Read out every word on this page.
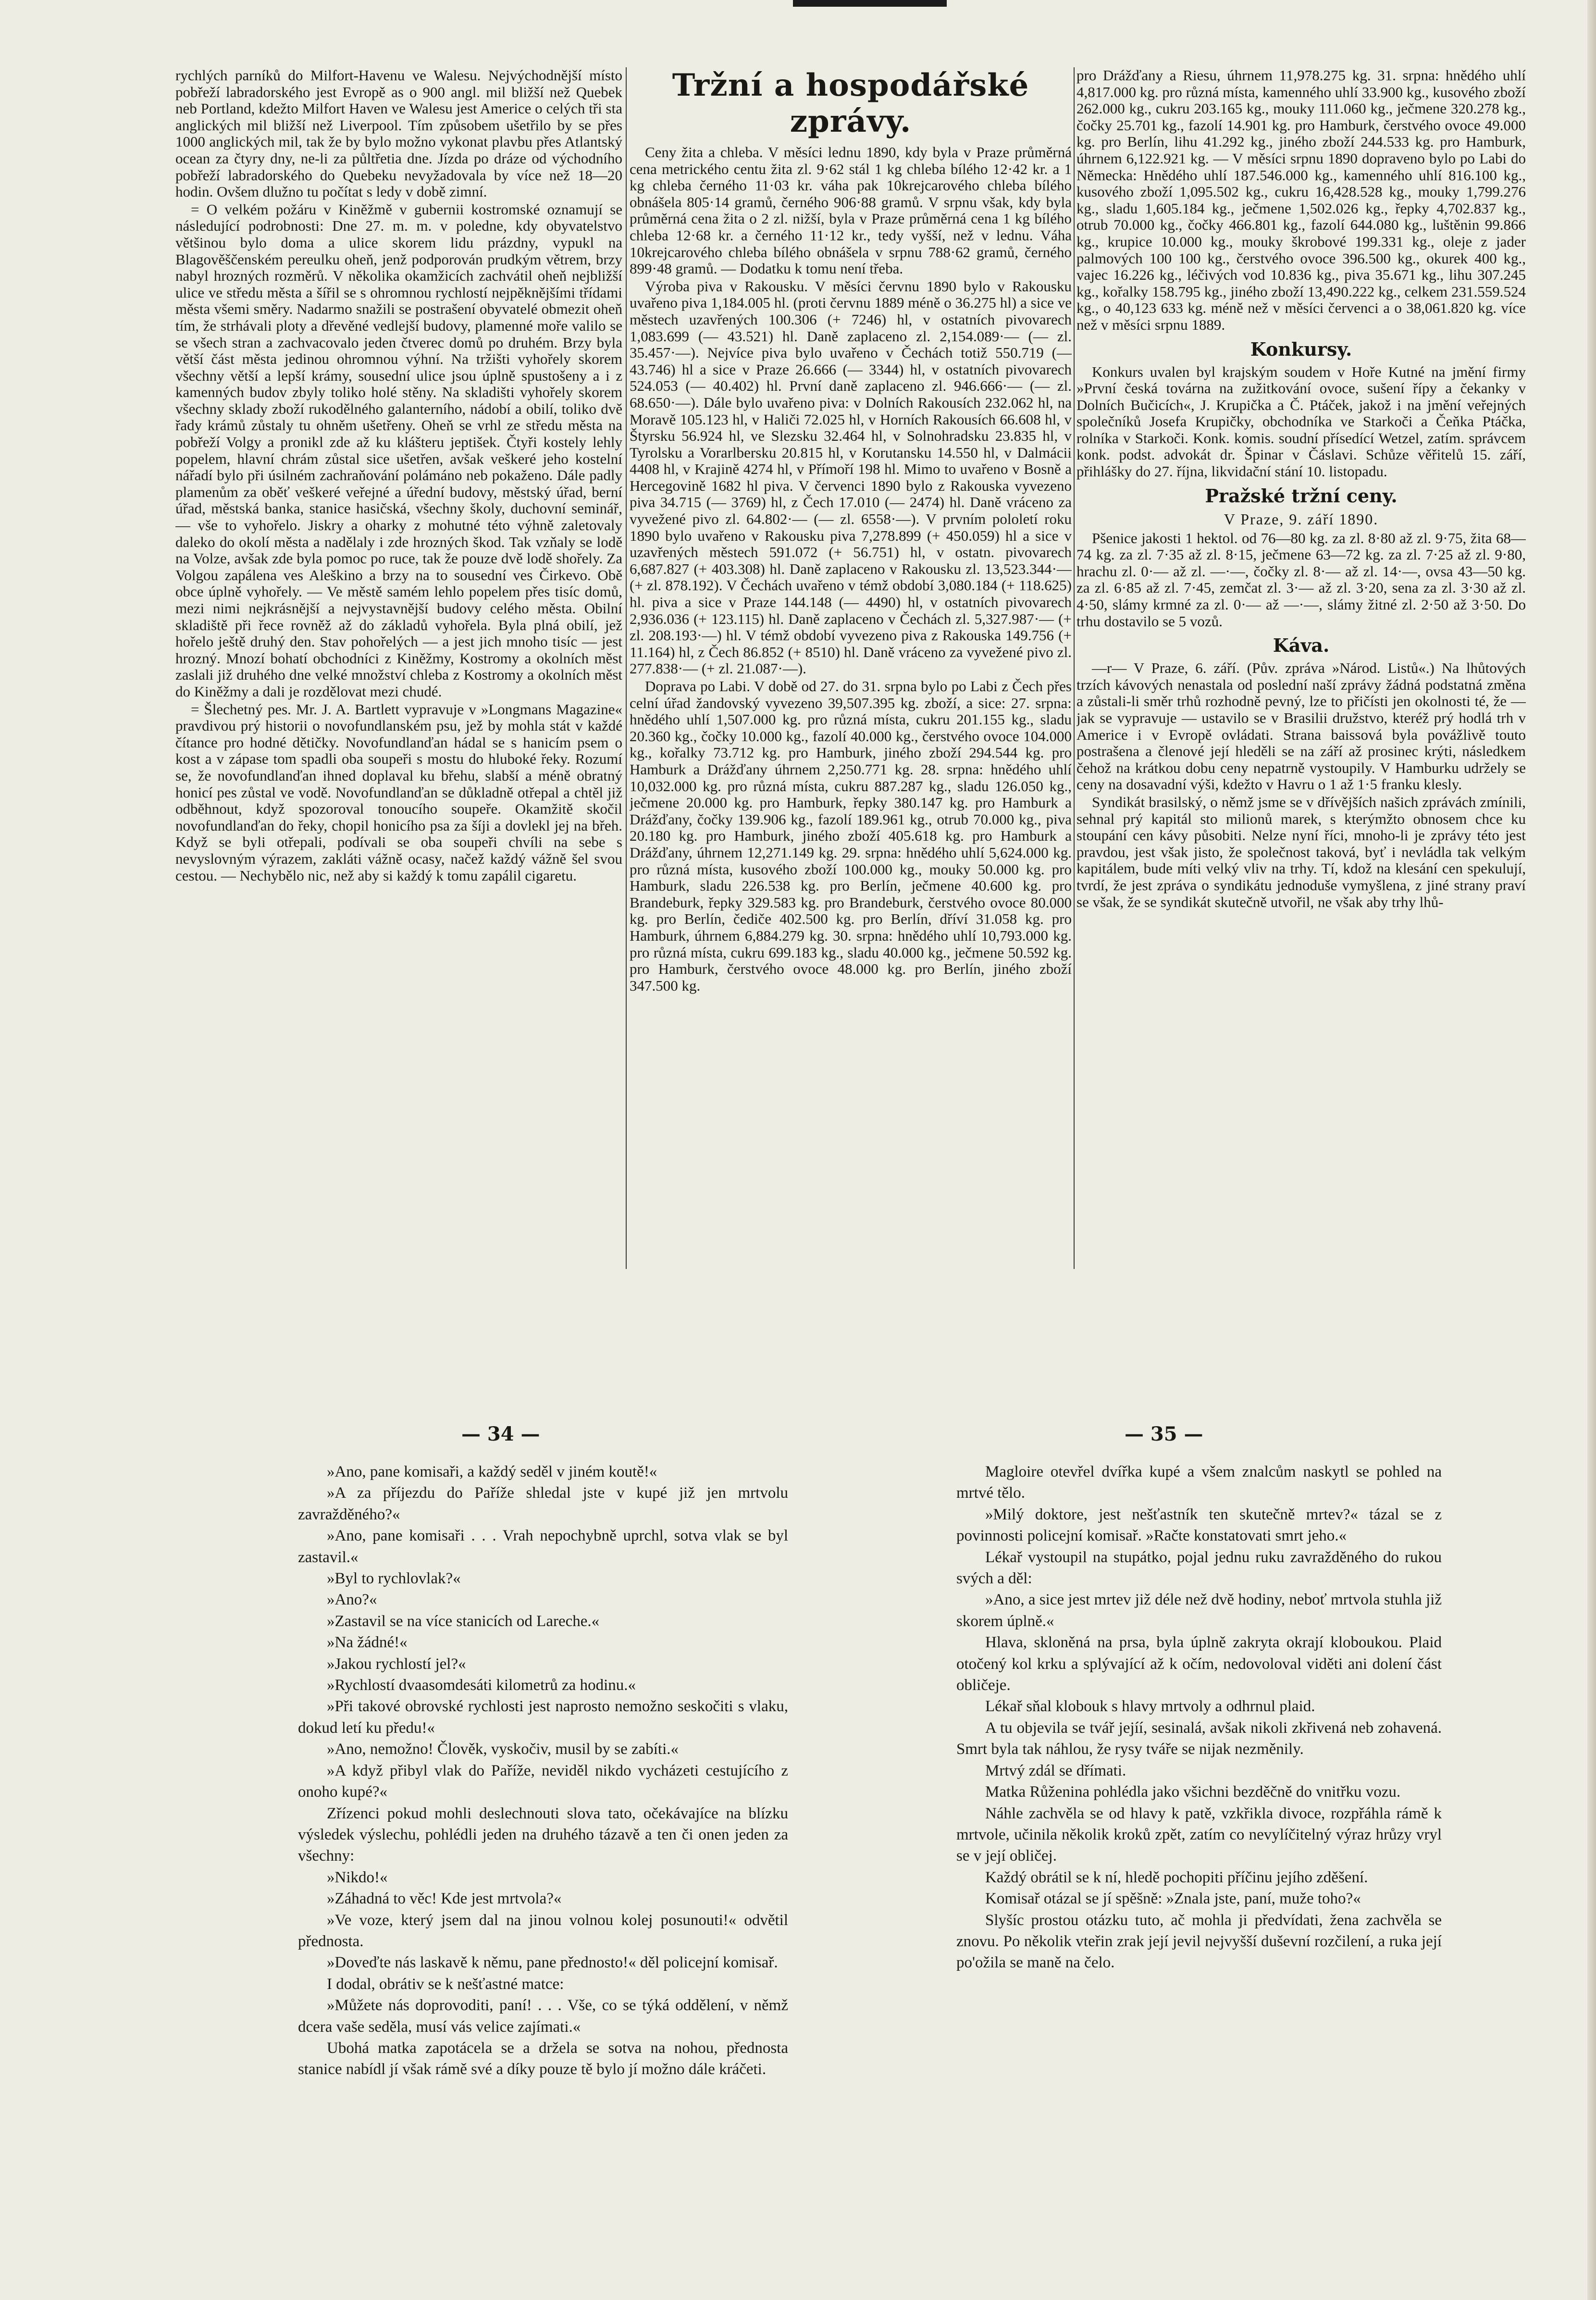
rychlých parníků do Milfort-Havenu ve Walesu. Nejvýchodnější místo pobřeží labradorského jest Evropě as o 900 angl. mil bližší než Quebek neb Portland, kdežto Milfort Haven ve Walesu jest Americe o celých tři sta anglických mil bližší než Liverpool. Tím způsobem ušetřilo by se přes 1000 anglických mil, tak že by bylo možno vykonat plavbu přes Atlantský ocean za čtyry dny, ne-li za půltřetia dne. Jízda po dráze od východního pobřeží labradorského do Quebeku nevyžadovala by více než 18—20 hodin. Ovšem dlužno tu počítat s ledy v době zimní.

= O velkém požáru v Kiněžmě v gubernii kostromské oznamují se následující podrobnosti: Dne 27. m. m. v poledne, kdy obyvatelstvo většinou bylo doma a ulice skorem lidu prázdny, vypukl na Blagověščenském pereulku oheň, jenž podporován prudkým větrem, brzy nabyl hrozných rozměrů. V několika okamžicích zachvátil oheň nejbližší ulice ve středu města a šířil se s ohromnou rychlostí nejpěknějšími třídami města všemi směry. Nadarmo snažili se postrašení obyvatelé obmezit oheň tím, že strhávali ploty a dřevěné vedlejší budovy, plamenné moře valilo se se všech stran a zachvacovalo jeden čtverec domů po druhém. Brzy byla větší část města jedinou ohromnou výhní. Na tržišti vyhořely skorem všechny větší a lepší krámy, sousední ulice jsou úplně spustošeny a i z kamenných budov zbyly toliko holé stěny. Na skladišti vyhořely skorem všechny sklady zboží rukodělného galanterního, nádobí a obilí, toliko dvě řady krámů zůstaly tu ohněm ušetřeny. Oheň se vrhl ze středu města na pobřeží Volgy a pronikl zde až ku klášteru jeptišek. Čtyři kostely lehly popelem, hlavní chrám zůstal sice ušetřen, avšak veškeré jeho kostelní nářadí bylo při úsilném zachraňování polámáno neb pokaženo. Dále padly plamenům za oběť veškeré veřejné a úřední budovy, městský úřad, berní úřad, městská banka, stanice hasičská, všechny školy, duchovní seminář, — vše to vyhořelo. Jiskry a oharky z mohutné této výhně zaletovaly daleko do okolí města a nadělaly i zde hrozných škod. Tak vzňaly se lodě na Volze, avšak zde byla pomoc po ruce, tak že pouze dvě lodě shořely. Za Volgou zapálena ves Aleškino a brzy na to sousední ves Čirkevo. Obě obce úplně vyhořely. — Ve městě samém lehlo popelem přes tisíc domů, mezi nimi nejkrásnější a nejvystavnější budovy celého města. Obilní skladiště při řece rovněž až do základů vyhořela. Byla plná obilí, jež hořelo ještě druhý den. Stav pohořelých — a jest jich mnoho tisíc — jest hrozný. Mnozí bohatí obchodníci z Kiněžmy, Kostromy a okolních měst zaslali již druhého dne velké množství chleba z Kostromy a okolních měst do Kiněžmy a dali je rozdělovat mezi chudé.

= Šlechetný pes. Mr. J. A. Bartlett vypravuje v »Longmans Magazine« pravdivou prý historii o novofundlanském psu, jež by mohla stát v každé čítance pro hodné dětičky. Novofundlanďan hádal se s hanicím psem o kost a v zápase tom spadli oba soupeři s mostu do hluboké řeky. Rozumí se, že novofundlanďan ihned doplaval ku břehu, slabší a méně obratný honicí pes zůstal ve vodě. Novofundlanďan se důkladně otřepal a chtěl již odběhnout, když spozoroval tonoucího soupeře. Okamžitě skočil novofundlanďan do řeky, chopil honicího psa za šíji a dovlekl jej na břeh. Když se byli otřepali, podívali se oba soupeři chvíli na sebe s nevyslovným výrazem, zakláti vážně ocasy, načež každý vážně šel svou cestou. — Nechybělo nic, než aby si každý k tomu zapálil cigaretu.

Tržní a hospodářské zprávy.

Ceny žita a chleba. V měsíci lednu 1890, kdy byla v Praze průměrná cena metrického centu žita zl. 9·62 stál 1 kg chleba bílého 12·42 kr. a 1 kg chleba černého 11·03 kr. váha pak 10krejcarového chleba bílého obnášela 805·14 gramů, černého 906·88 gramů. V srpnu však, kdy byla průměrná cena žita o 2 zl. nižší, byla v Praze průměrná cena 1 kg bílého chleba 12·68 kr. a černého 11·12 kr., tedy vyšší, než v lednu. Váha 10krejcarového chleba bílého obnášela v srpnu 788·62 gramů, černého 899·48 gramů. — Dodatku k tomu není třeba.

Výroba piva v Rakousku. V měsíci červnu 1890 bylo v Rakousku uvařeno piva 1,184.005 hl. (proti červnu 1889 méně o 36.275 hl) a sice ve městech uzavřených 100.306 (+ 7246) hl, v ostatních pivovarech 1,083.699 (— 43.521) hl. Daně zaplaceno zl. 2,154.089·— (— zl. 35.457·—). Nejvíce piva bylo uvařeno v Čechách totiž 550.719 (— 43.746) hl a sice v Praze 26.666 (— 3344) hl, v ostatních pivovarech 524.053 (— 40.402) hl. První daně zaplaceno zl. 946.666·— (— zl. 68.650·—). Dále bylo uvařeno piva: v Dolních Rakousích 232.062 hl, na Moravě 105.123 hl, v Haliči 72.025 hl, v Horních Rakousích 66.608 hl, v Štyrsku 56.924 hl, ve Slezsku 32.464 hl, v Solnohradsku 23.835 hl, v Tyrolsku a Vorarlbersku 20.815 hl, v Korutansku 14.550 hl, v Dalmácii 4408 hl, v Krajině 4274 hl, v Přímoří 198 hl. Mimo to uvařeno v Bosně a Hercegovině 1682 hl piva. V červenci 1890 bylo z Rakouska vyvezeno piva 34.715 (— 3769) hl, z Čech 17.010 (— 2474) hl. Daně vráceno za vyvežené pivo zl. 64.802·— (— zl. 6558·—). V prvním pololetí roku 1890 bylo uvařeno v Rakousku piva 7,278.899 (+ 450.059) hl a sice v uzavřených městech 591.072 (+ 56.751) hl, v ostatn. pivovarech 6,687.827 (+ 403.308) hl. Daně zaplaceno v Rakousku zl. 13,523.344·— (+ zl. 878.192). V Čechách uvařeno v témž období 3,080.184 (+ 118.625) hl. piva a sice v Praze 144.148 (— 4490) hl, v ostatních pivovarech 2,936.036 (+ 123.115) hl. Daně zaplaceno v Čechách zl. 5,327.987·— (+ zl. 208.193·—) hl. V témž období vyvezeno piva z Rakouska 149.756 (+ 11.164) hl, z Čech 86.852 (+ 8510) hl. Daně vráceno za vyvežené pivo zl. 277.838·— (+ zl. 21.087·—).

Doprava po Labi. V době od 27. do 31. srpna bylo po Labi z Čech přes celní úřad žandovský vyvezeno 39,507.395 kg. zboží, a sice: 27. srpna: hnědého uhlí 1,507.000 kg. pro různá místa, cukru 201.155 kg., sladu 20.360 kg., čočky 10.000 kg., fazolí 40.000 kg., čerstvého ovoce 104.000 kg., kořalky 73.712 kg. pro Hamburk, jiného zboží 294.544 kg. pro Hamburk a Drážďany úhrnem 2,250.771 kg. 28. srpna: hnědého uhlí 10,032.000 kg. pro různá místa, cukru 887.287 kg., sladu 126.050 kg., ječmene 20.000 kg. pro Hamburk, řepky 380.147 kg. pro Hamburk a Drážďany, čočky 139.906 kg., fazolí 189.961 kg., otrub 70.000 kg., piva 20.180 kg. pro Hamburk, jiného zboží 405.618 kg. pro Hamburk a Drážďany, úhrnem 12,271.149 kg. 29. srpna: hnědého uhlí 5,624.000 kg. pro různá místa, kusového zboží 100.000 kg., mouky 50.000 kg. pro Hamburk, sladu 226.538 kg. pro Berlín, ječmene 40.600 kg. pro Brandeburk, řepky 329.583 kg. pro Brandeburk, čerstvého ovoce 80.000 kg. pro Berlín, čediče 402.500 kg. pro Berlín, dříví 31.058 kg. pro Hamburk, úhrnem 6,884.279 kg. 30. srpna: hnědého uhlí 10,793.000 kg. pro různá místa, cukru 699.183 kg., sladu 40.000 kg., ječmene 50.592 kg. pro Hamburk, čerstvého ovoce 48.000 kg. pro Berlín, jiného zboží 347.500 kg.

pro Drážďany a Riesu, úhrnem 11,978.275 kg. 31. srpna: hnědého uhlí 4,817.000 kg. pro různá místa, kamenného uhlí 33.900 kg., kusového zboží 262.000 kg., cukru 203.165 kg., mouky 111.060 kg., ječmene 320.278 kg., čočky 25.701 kg., fazolí 14.901 kg. pro Hamburk, čerstvého ovoce 49.000 kg. pro Berlín, lihu 41.292 kg., jiného zboží 244.533 kg. pro Hamburk, úhrnem 6,122.921 kg. — V měsíci srpnu 1890 dopraveno bylo po Labi do Německa: Hnědého uhlí 187.546.000 kg., kamenného uhlí 816.100 kg., kusového zboží 1,095.502 kg., cukru 16,428.528 kg., mouky 1,799.276 kg., sladu 1,605.184 kg., ječmene 1,502.026 kg., řepky 4,702.837 kg., otrub 70.000 kg., čočky 466.801 kg., fazolí 644.080 kg., luštěnin 99.866 kg., krupice 10.000 kg., mouky škrobové 199.331 kg., oleje z jader palmových 100 100 kg., čerstvého ovoce 396.500 kg., okurek 400 kg., vajec 16.226 kg., léčivých vod 10.836 kg., piva 35.671 kg., lihu 307.245 kg., kořalky 158.795 kg., jiného zboží 13,490.222 kg., celkem 231.559.524 kg., o 40,123 633 kg. méně než v měsíci červenci a o 38,061.820 kg. více než v měsíci srpnu 1889.

Konkursy.

Konkurs uvalen byl krajským soudem v Hoře Kutné na jmění firmy »První česká továrna na zužitkování ovoce, sušení řípy a čekanky v Dolních Bučicích«, J. Krupička a Č. Ptáček, jakož i na jmění veřejných společníků Josefa Krupičky, obchodníka ve Starkoči a Čeňka Ptáčka, rolníka v Starkoči. Konk. komis. soudní přísedící Wetzel, zatím. správcem konk. podst. advokát dr. Špinar v Čáslavi. Schůze věřitelů 15. září, přihlášky do 27. října, likvidační stání 10. listopadu.

Pražské tržní ceny.
V Praze, 9. září 1890.

Pšenice jakosti 1 hektol. od 76—80 kg. za zl. 8·80 až zl. 9·75, žita 68—74 kg. za zl. 7·35 až zl. 8·15, ječmene 63—72 kg. za zl. 7·25 až zl. 9·80, hrachu zl. 0·— až zl. —·—, čočky zl. 8·— až zl. 14·—, ovsa 43—50 kg. za zl. 6·85 až zl. 7·45, zemčat zl. 3·— až zl. 3·20, sena za zl. 3·30 až zl. 4·50, slámy krmné za zl. 0·— až —·—, slámy žitné zl. 2·50 až 3·50. Do trhu dostavilo se 5 vozů.

Káva.

—r— V Praze, 6. září. (Pův. zpráva »Národ. Listů«.) Na lhůtových trzích kávových nenastala od poslední naší zprávy žádná podstatná změna a zůstali-li směr trhů rozhodně pevný, lze to přičísti jen okolnosti té, že — jak se vypravuje — ustavilo se v Brasilii družstvo, kteréž prý hodlá trh v Americe i v Evropě ovládati. Strana baissová byla povážlivě touto postrašena a členové její hleděli se na září až prosinec krýti, následkem čehož na krátkou dobu ceny nepatrně vystoupily. V Hamburku udržely se ceny na dosavadní výši, kdežto v Havru o 1 až 1·5 franku klesly.

Syndikát brasilský, o němž jsme se v dřívějších našich zprávách zmínili, sehnal prý kapitál sto milionů marek, s kterýmžto obnosem chce ku stoupání cen kávy působiti. Nelze nyní říci, mnoho-li je zprávy této jest pravdou, jest však jisto, že společnost taková, byť i nevládla tak velkým kapitálem, bude míti velký vliv na trhy. Tí, kdož na klesání cen spekulují, tvrdí, že jest zpráva o syndikátu jednoduše vymyšlena, z jiné strany praví se však, že se syndikát skutečně utvořil, ne však aby trhy lhů-

— 34 —	— 35 —

»Ano, pane komisaři, a každý seděl v jiném koutě!«

»A za příjezdu do Paříže shledal jste v kupé již jen mrtvolu zavražděného?«

»Ano, pane komisaři . . . Vrah nepochybně uprchl, sotva vlak se byl zastavil.«

»Byl to rychlovlak?«

»Ano?«

»Zastavil se na více stanicích od Lareche.«

»Na žádné!«

»Jakou rychlostí jel?«

»Rychlostí dvaasomdesáti kilometrů za hodinu.«

»Při takové obrovské rychlosti jest naprosto nemožno seskočiti s vlaku, dokud letí ku předu!«

»Ano, nemožno! Člověk, vyskočiv, musil by se zabíti.«

»A když přibyl vlak do Paříže, neviděl nikdo vycházeti cestujícího z onoho kupé?«

Zřízenci pokud mohli deslechnouti slova tato, očekávajíce na blízku výsledek výslechu, pohlédli jeden na druhého tázavě a ten či onen jeden za všechny:

»Nikdo!«

»Záhadná to věc! Kde jest mrtvola?«

»Ve voze, který jsem dal na jinou volnou kolej posunouti!« odvětil přednosta.

»Doveďte nás laskavě k němu, pane přednosto!« děl policejní komisař.

I dodal, obrátiv se k nešťastné matce:

»Můžete nás doprovoditi, paní! . . . Vše, co se týká oddělení, v němž dcera vaše seděla, musí vás velice zajímati.«

Ubohá matka zapotácela se a držela se sotva na nohou, přednosta stanice nabídl jí však rámě své a díky pouze tě bylo jí možno dále kráčeti.

Magloire otevřel dvířka kupé a všem znalcům naskytl se pohled na mrtvé tělo.

»Milý doktore, jest nešťastník ten skutečně mrtev?« tázal se z povinnosti policejní komisař. »Račte konstatovati smrt jeho.«

Lékař vystoupil na stupátko, pojal jednu ruku zavražděného do rukou svých a děl:

»Ano, a sice jest mrtev již déle než dvě hodiny, neboť mrtvola stuhla již skorem úplně.«

Hlava, skloněná na prsa, byla úplně zakryta okrají kloboukou. Plaid otočený kol krku a splývající až k očím, nedovoloval viděti ani dolení část obličeje.

Lékař sňal klobouk s hlavy mrtvoly a odhrnul plaid.

A tu objevila se tvář jejíí, sesinalá, avšak nikoli zkřivená neb zohavená. Smrt byla tak náhlou, že rysy tváře se nijak nezměnily.

Mrtvý zdál se dřímati.

Matka Růženina pohlédla jako všichni bezděčně do vnitřku vozu.

Náhle zachvěla se od hlavy k patě, vzkřikla divoce, rozpřáhla rámě k mrtvole, učinila několik kroků zpět, zatím co nevylíčitelný výraz hrůzy vryl se v její obličej.

Každý obrátil se k ní, hledě pochopiti příčinu jejího zděšení.

Komisař otázal se jí spěšně: »Znala jste, paní, muže toho?«

Slyšíc prostou otázku tuto, ač mohla ji předvídati, žena zachvěla se znovu. Po několik vteřin zrak její jevil nejvyšší duševní rozčilení, a ruka její po'ožila se maně na čelo.
